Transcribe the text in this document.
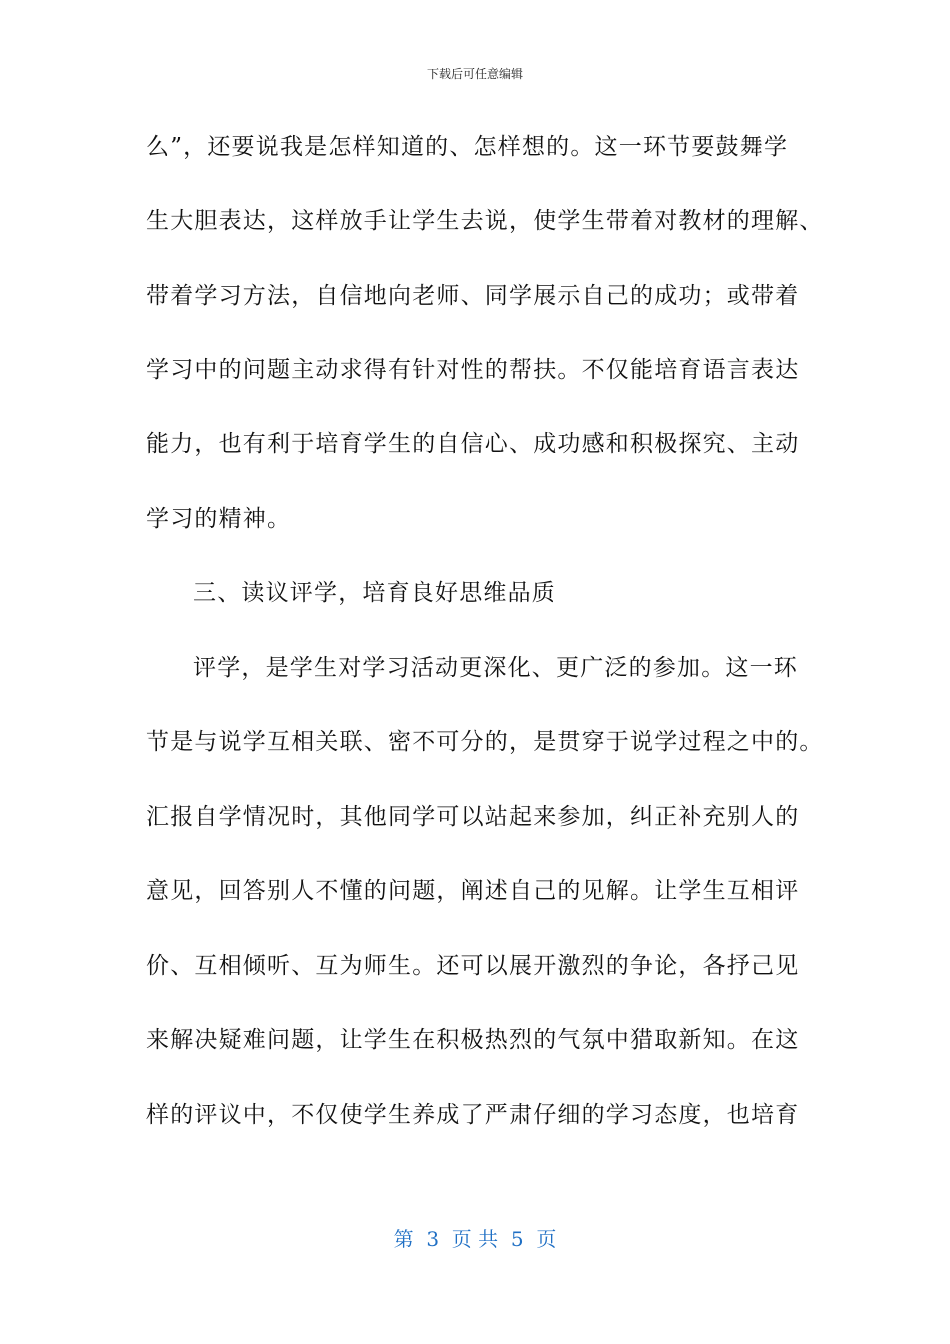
下载后可任意编辑
么”，还要说我是怎样知道的、怎样想的。这一环节要鼓舞学
生大胆表达，这样放手让学生去说，使学生带着对教材的理解、
带着学习方法，自信地向老师、同学展示自己的成功；或带着
学习中的问题主动求得有针对性的帮扶。不仅能培育语言表达
能力，也有利于培育学生的自信心、成功感和积极探究、主动
学习的精神。
三、读议评学，培育良好思维品质
评学，是学生对学习活动更深化、更广泛的参加。这一环
节是与说学互相关联、密不可分的，是贯穿于说学过程之中的。
汇报自学情况时，其他同学可以站起来参加，纠正补充别人的
意见，回答别人不懂的问题，阐述自己的见解。让学生互相评
价、互相倾听、互为师生。还可以展开激烈的争论，各抒己见
来解决疑难问题，让学生在积极热烈的气氛中猎取新知。在这
样的评议中，不仅使学生养成了严肃仔细的学习态度，也培育
第  3  页 共  5  页
